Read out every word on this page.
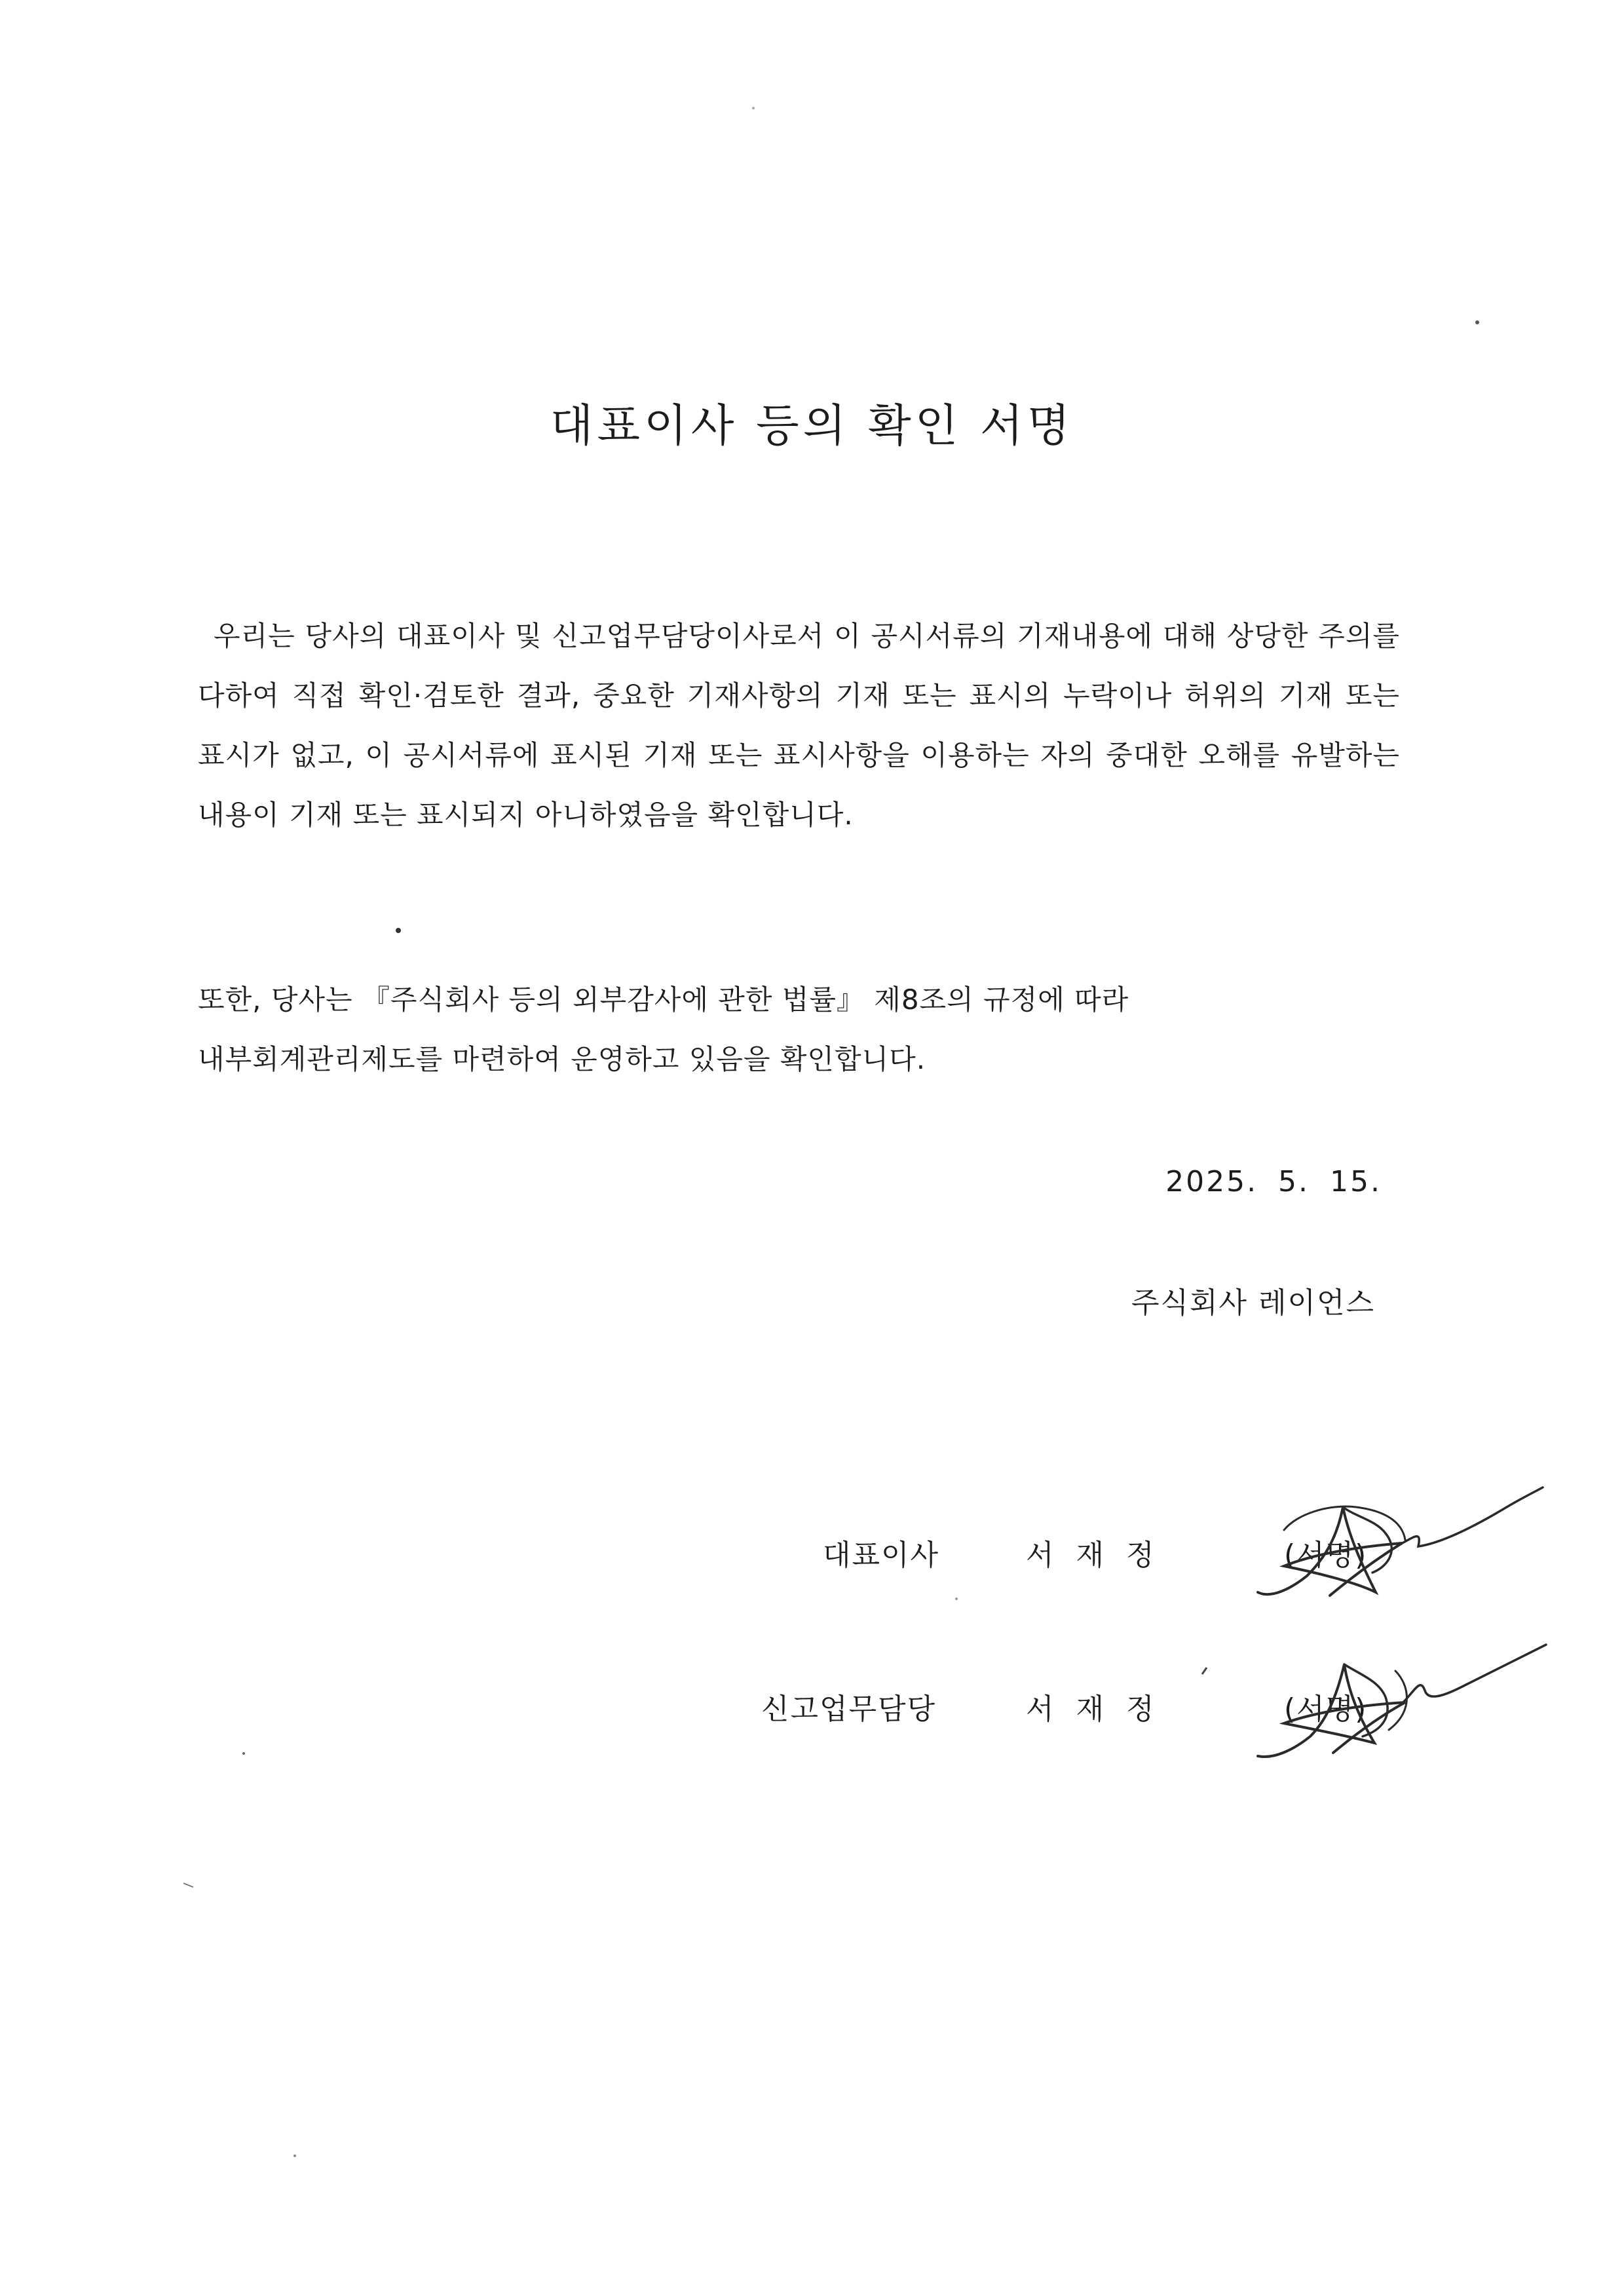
대표이사 등의 확인 서명

우리는 당사의 대표이사 및 신고업무담당이사로서 이 공시서류의 기재내용에 대해 상당한 주의를 다하여 직접 확인·검토한 결과, 중요한 기재사항의 기재 또는 표시의 누락이나 허위의 기재 또는 표시가 없고, 이 공시서류에 표시된 기재 또는 표시사항을 이용하는 자의 중대한 오해를 유발하는 내용이 기재 또는 표시되지 아니하였음을 확인합니다.

또한, 당사는 『주식회사 등의 외부감사에 관한 법률』 제8조의 규정에 따라
내부회계관리제도를 마련하여 운영하고 있음을 확인합니다.
2025. 5. 15.
주식회사 레이언스
대표이사	서재정	(서명)
신고업무담당	서재정	(서명)
